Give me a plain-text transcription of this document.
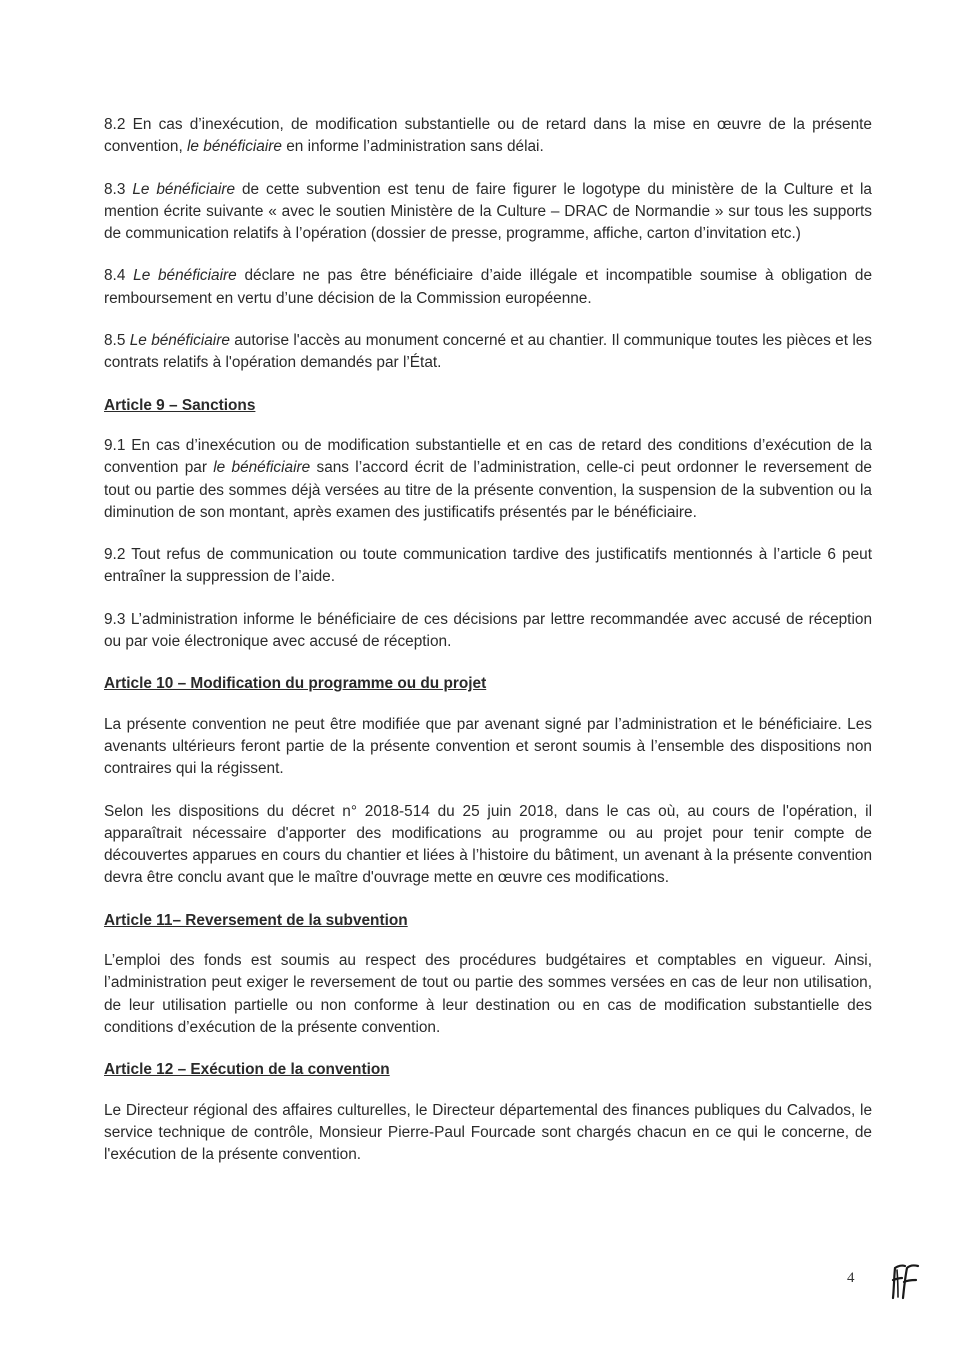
8.2 En cas d’inexécution, de modification substantielle ou de retard dans la mise en œuvre de la présente convention, le bénéficiaire en informe l’administration sans délai.

8.3 Le bénéficiaire de cette subvention est tenu de faire figurer le logotype du ministère de la Culture et la mention écrite suivante « avec le soutien Ministère de la Culture – DRAC de Normandie » sur tous les supports de communication relatifs à l’opération (dossier de presse, programme, affiche, carton d’invitation etc.)

8.4 Le bénéficiaire déclare ne pas être bénéficiaire d’aide illégale et incompatible soumise à obligation de remboursement en vertu d’une décision de la Commission européenne.

8.5 Le bénéficiaire autorise l'accès au monument concerné et au chantier. Il communique toutes les pièces et les contrats relatifs à l'opération demandés par l’État.

Article 9 – Sanctions

9.1 En cas d’inexécution ou de modification substantielle et en cas de retard des conditions d’exécution de la convention par le bénéficiaire sans l’accord écrit de l’administration, celle-ci peut ordonner le reversement de tout ou partie des sommes déjà versées au titre de la présente convention, la suspension de la subvention ou la diminution de son montant, après examen des justificatifs présentés par le bénéficiaire.

9.2 Tout refus de communication ou toute communication tardive des justificatifs mentionnés à l’article 6 peut entraîner la suppression de l’aide.

9.3 L’administration informe le bénéficiaire de ces décisions par lettre recommandée avec accusé de réception ou par voie électronique avec accusé de réception.

Article 10 – Modification du programme ou du projet

La présente convention ne peut être modifiée que par avenant signé par l’administration et le bénéficiaire. Les avenants ultérieurs feront partie de la présente convention et seront soumis à l’ensemble des dispositions non contraires qui la régissent.

Selon les dispositions du décret n° 2018-514 du 25 juin 2018, dans le cas où, au cours de l'opération, il apparaîtrait nécessaire d'apporter des modifications au programme ou au projet pour tenir compte de découvertes apparues en cours du chantier et liées à l’histoire du bâtiment, un avenant à la présente convention devra être conclu avant que le maître d'ouvrage mette en œuvre ces modifications.

Article 11– Reversement de la subvention

L’emploi des fonds est soumis au respect des procédures budgétaires et comptables en vigueur. Ainsi, l’administration peut exiger le reversement de tout ou partie des sommes versées en cas de leur non utilisation, de leur utilisation partielle ou non conforme à leur destination ou en cas de modification substantielle des conditions d’exécution de la présente convention.

Article 12 – Exécution de la convention

Le Directeur régional des affaires culturelles, le Directeur départemental des finances publiques du Calvados, le service technique de contrôle, Monsieur Pierre-Paul Fourcade sont chargés chacun en ce qui le concerne, de l'exécution de la présente convention.

4
